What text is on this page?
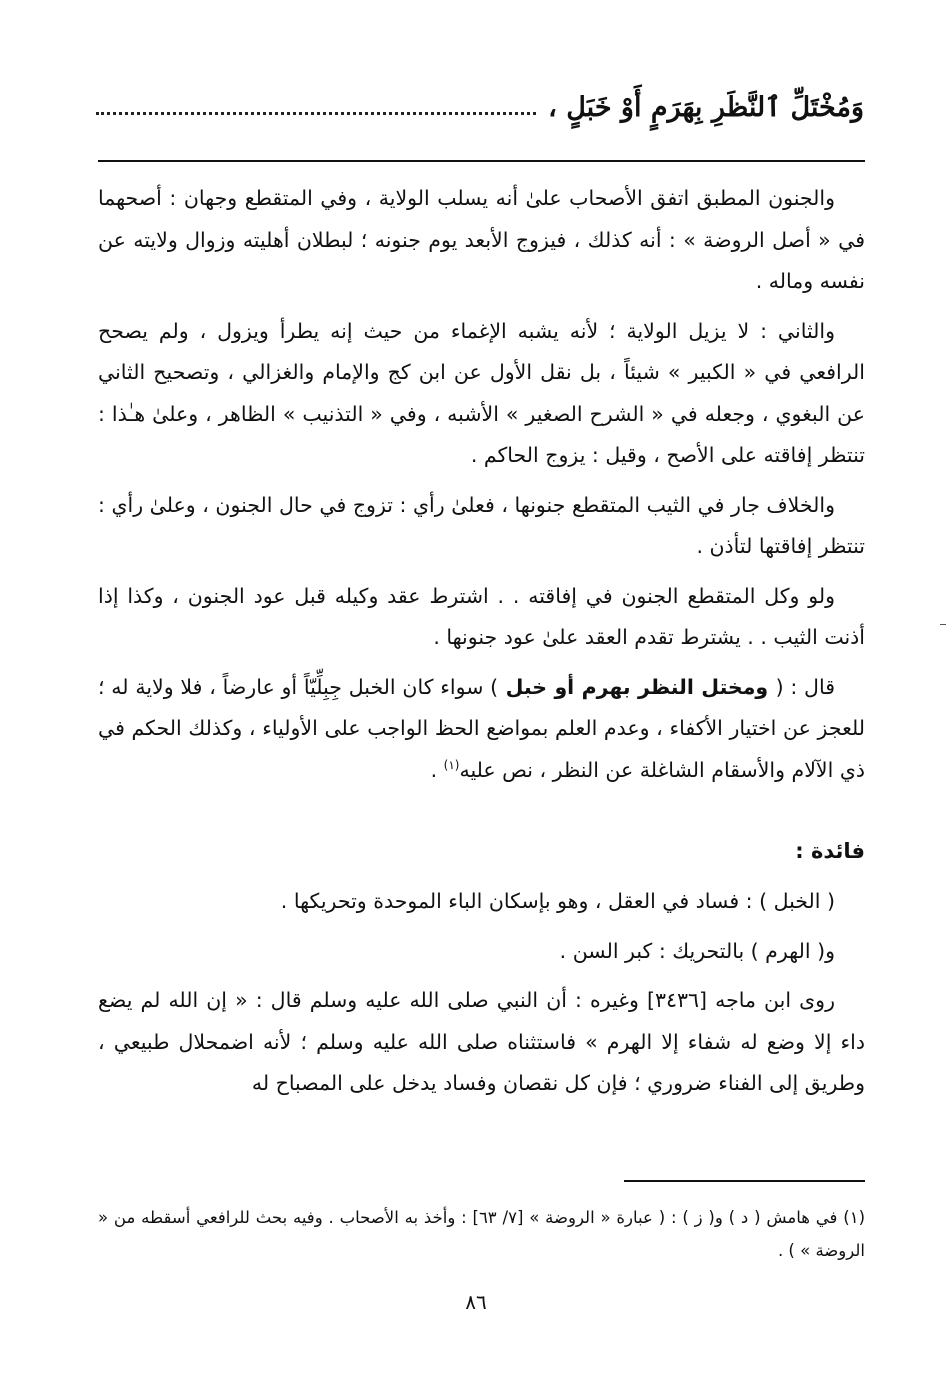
وَمُخْتَلِّ ٱلنَّظَرِ بِهَرَمٍ أَوْ خَبَلٍ ،

والجنون المطبق اتفق الأصحاب علىٰ أنه يسلب الولاية ، وفي المتقطع وجهان : أصحهما في « أصل الروضة » : أنه كذلك ، فيزوج الأبعد يوم جنونه ؛ لبطلان أهليته وزوال ولايته عن نفسه وماله .

والثاني : لا يزيل الولاية ؛ لأنه يشبه الإغماء من حيث إنه يطرأ ويزول ، ولم يصحح الرافعي في « الكبير » شيئاً ، بل نقل الأول عن ابن كج والإمام والغزالي ، وتصحيح الثاني عن البغوي ، وجعله في « الشرح الصغير » الأشبه ، وفي « التذنيب » الظاهر ، وعلىٰ هـٰذا : تنتظر إفاقته على الأصح ، وقيل : يزوج الحاكم .

والخلاف جار في الثيب المتقطع جنونها ، فعلىٰ رأي : تزوج في حال الجنون ، وعلىٰ رأي : تنتظر إفاقتها لتأذن .

ولو وكل المتقطع الجنون في إفاقته . . اشترط عقد وكيله قبل عود الجنون ، وكذا إذا أذنت الثيب . . يشترط تقدم العقد علىٰ عود جنونها .

قال : ( ومختل النظر بهرم أو خبل ) سواء كان الخبل جِبِلِّيّاً أو عارضاً ، فلا ولاية له ؛ للعجز عن اختيار الأكفاء ، وعدم العلم بمواضع الحظ الواجب على الأولياء ، وكذلك الحكم في ذي الآلام والأسقام الشاغلة عن النظر ، نص عليه$^{(١)}$ .

فائدة :

( الخبل ) : فساد في العقل ، وهو بإسكان الباء الموحدة وتحريكها .

و( الهرم ) بالتحريك : كبر السن .

روى ابن ماجه [٣٤٣٦] وغيره : أن النبي صلى الله عليه وسلم قال : « إن الله لم يضع داء إلا وضع له شفاء إلا الهرم » فاستثناه صلى الله عليه وسلم ؛ لأنه اضمحلال طبيعي ، وطريق إلى الفناء ضروري ؛ فإن كل نقصان وفساد يدخل على المصباح له

(١) في هامش ( د ) و( ز ) : ( عبارة « الروضة » [٧/ ٦٣] : وأخذ به الأصحاب . وفيه بحث للرافعي أسقطه من « الروضة » ) .
٨٦
